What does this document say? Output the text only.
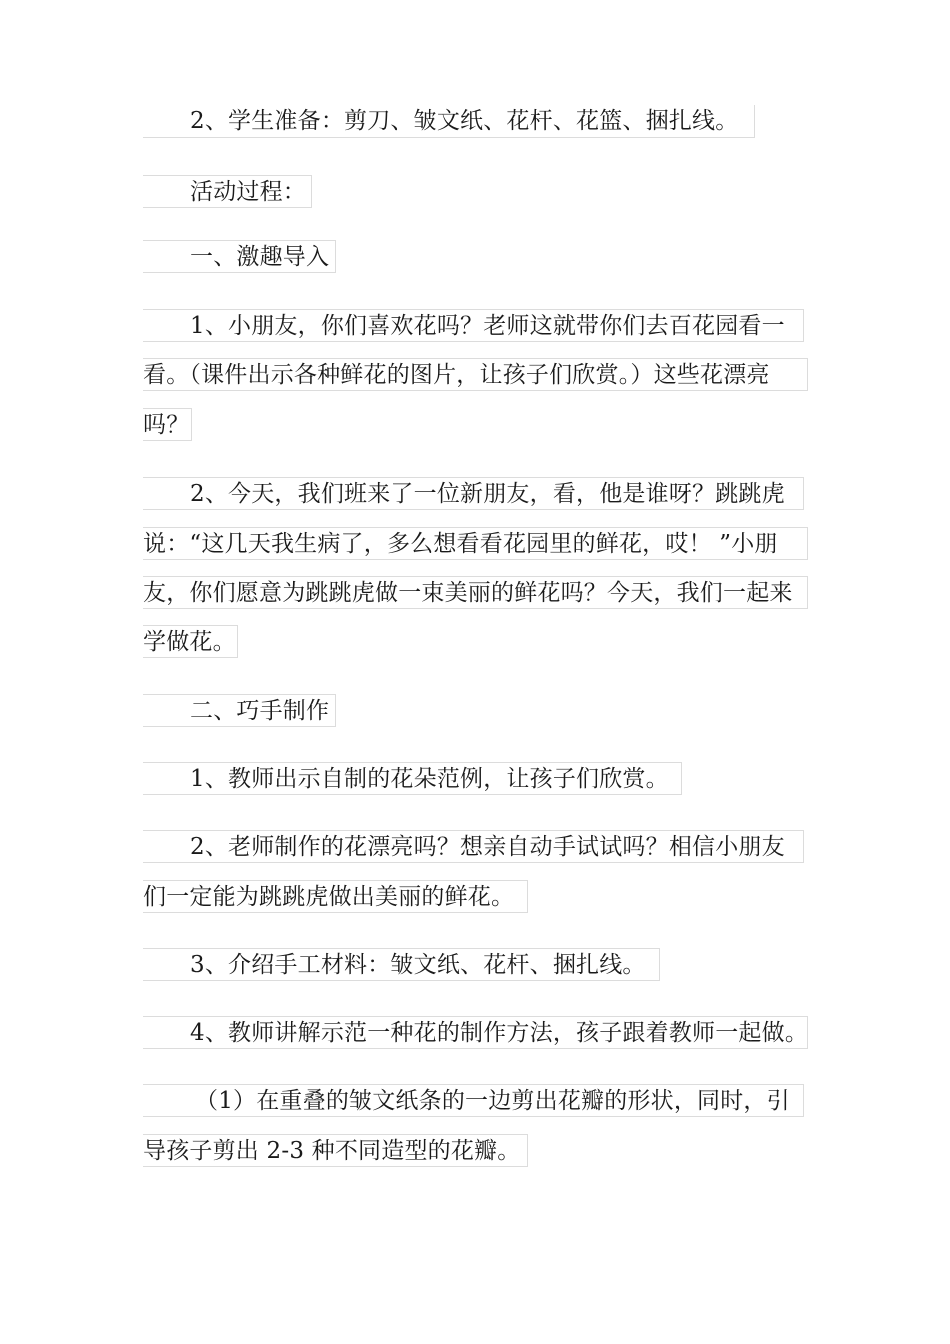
2、学生准备：剪刀、皱文纸、花杆、花篮、捆扎线。
活动过程：
一、激趣导入
1、小朋友，你们喜欢花吗？老师这就带你们去百花园看一
看。（课件出示各种鲜花的图片，让孩子们欣赏。）这些花漂亮
吗？
2、今天，我们班来了一位新朋友，看，他是谁呀？跳跳虎
说：“这几天我生病了，多么想看看花园里的鲜花，哎！ ”小朋
友，你们愿意为跳跳虎做一束美丽的鲜花吗？今天，我们一起来
学做花。
二、巧手制作
1、教师出示自制的花朵范例，让孩子们欣赏。
2、老师制作的花漂亮吗？想亲自动手试试吗？相信小朋友
们一定能为跳跳虎做出美丽的鲜花。
3、介绍手工材料：皱文纸、花杆、捆扎线。
4、教师讲解示范一种花的制作方法，孩子跟着教师一起做。
（1）在重叠的皱文纸条的一边剪出花瓣的形状，同时，引
导孩子剪出 2-3 种不同造型的花瓣。
